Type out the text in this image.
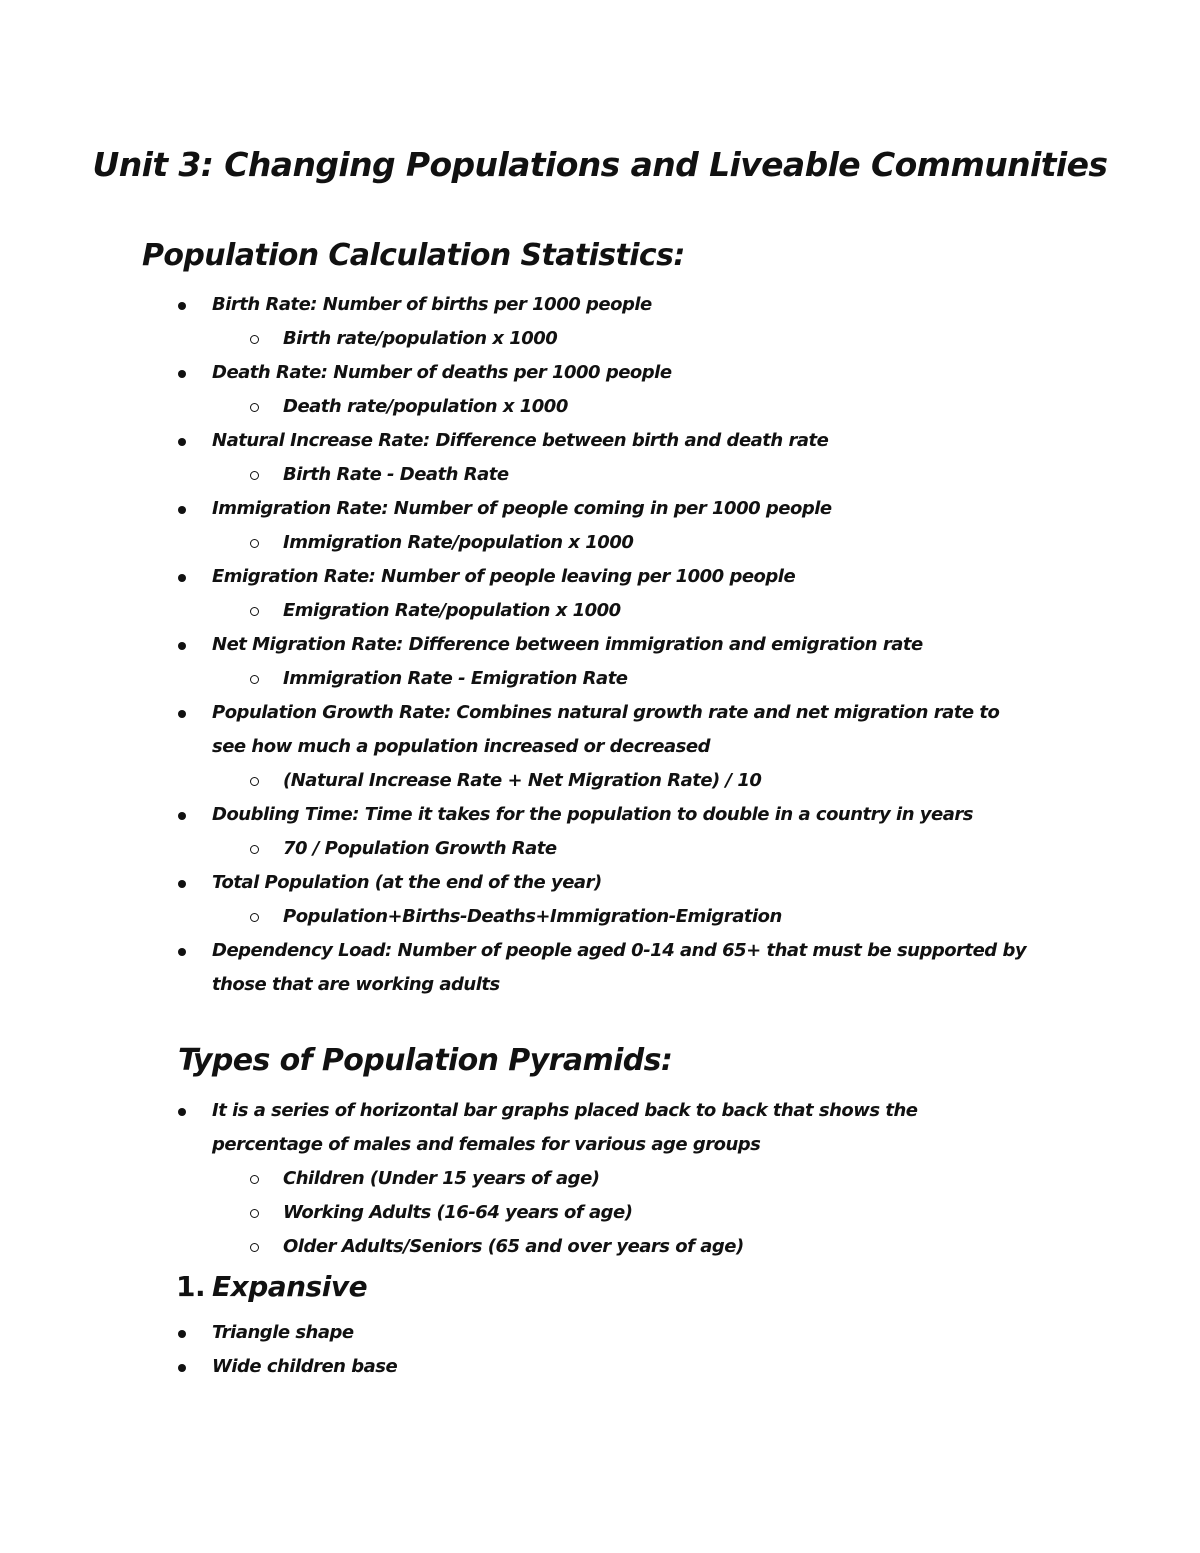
Unit 3: Changing Populations and Liveable Communities
Population Calculation Statistics:
Birth Rate: Number of births per 1000 people
Birth rate/population x 1000
Death Rate: Number of deaths per 1000 people
Death rate/population x 1000
Natural Increase Rate: Difference between birth and death rate
Birth Rate - Death Rate
Immigration Rate: Number of people coming in per 1000 people
Immigration Rate/population x 1000
Emigration Rate: Number of people leaving per 1000 people
Emigration Rate/population x 1000
Net Migration Rate: Difference between immigration and emigration rate
Immigration Rate - Emigration Rate
Population Growth Rate: Combines natural growth rate and net migration rate to see how much a population increased or decreased
(Natural Increase Rate + Net Migration Rate) / 10
Doubling Time: Time it takes for the population to double in a country in years
70 / Population Growth Rate
Total Population (at the end of the year)
Population+Births-Deaths+Immigration-Emigration
Dependency Load: Number of people aged 0-14 and 65+ that must be supported by those that are working adults
Types of Population Pyramids:
It is a series of horizontal bar graphs placed back to back that shows the percentage of males and females for various age groups
Children (Under 15 years of age)
Working Adults (16-64 years of age)
Older Adults/Seniors (65 and over years of age)
1. Expansive
Triangle shape
Wide children base
